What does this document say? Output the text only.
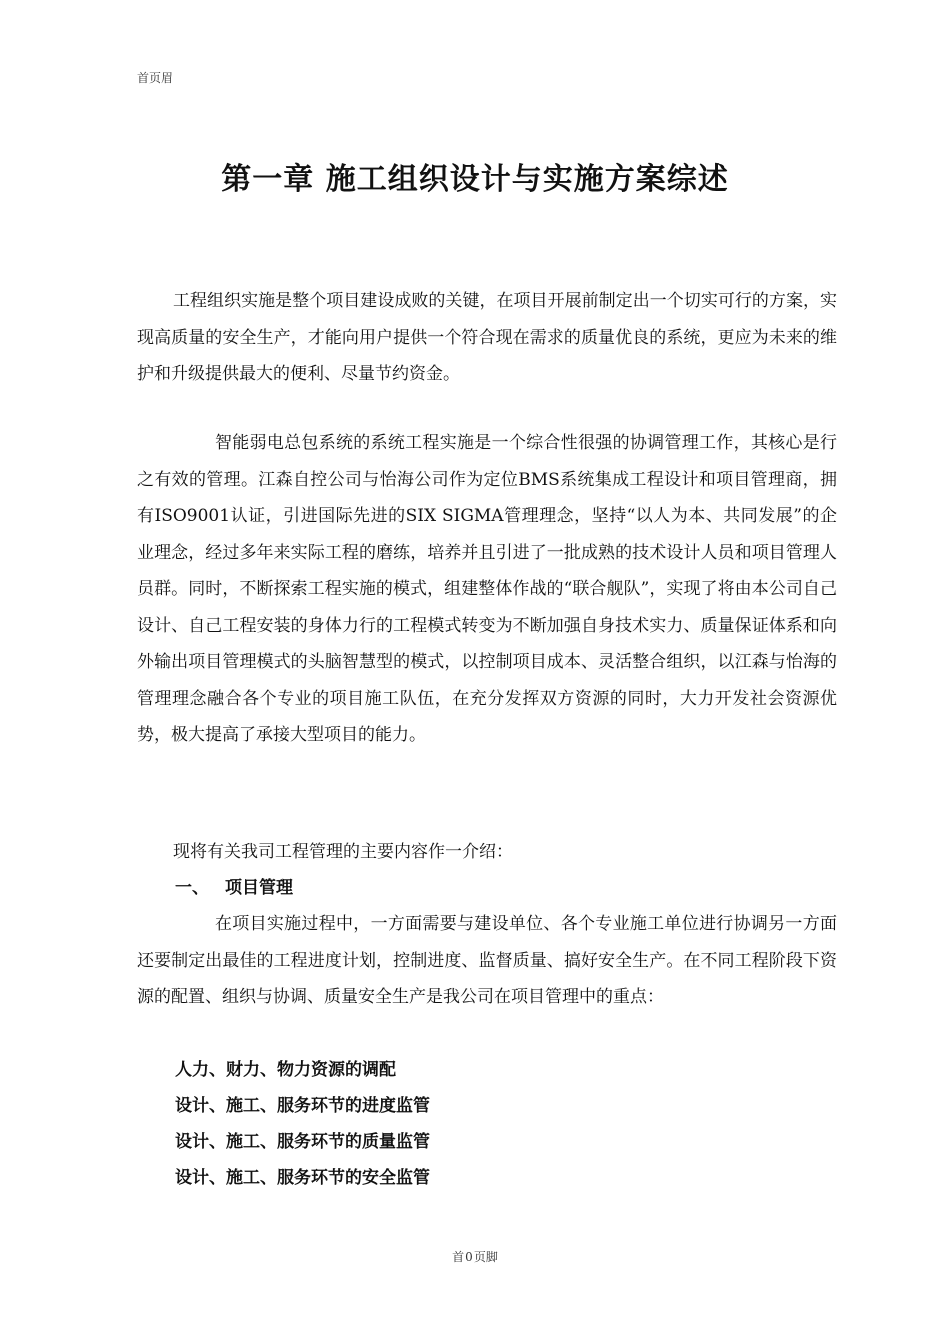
首页眉
第一章 施工组织设计与实施方案综述

工程组织实施是整个项目建设成败的关键，在项目开展前制定出一个切实可行的方案，实现高质量的安全生产，才能向用户提供一个符合现在需求的质量优良的系统，更应为未来的维护和升级提供最大的便利、尽量节约资金。

智能弱电总包系统的系统工程实施是一个综合性很强的协调管理工作，其核心是行之有效的管理。江森自控公司与怡海公司作为定位BMS系统集成工程设计和项目管理商，拥有ISO9001认证，引进国际先进的SIX SIGMA管理理念，坚持“以人为本、共同发展”的企业理念，经过多年来实际工程的磨练，培养并且引进了一批成熟的技术设计人员和项目管理人员群。同时，不断探索工程实施的模式，组建整体作战的“联合舰队”，实现了将由本公司自己设计、自己工程安装的身体力行的工程模式转变为不断加强自身技术实力、质量保证体系和向外输出项目管理模式的头脑智慧型的模式，以控制项目成本、灵活整合组织，以江森与怡海的管理理念融合各个专业的项目施工队伍，在充分发挥双方资源的同时，大力开发社会资源优势，极大提高了承接大型项目的能力。

现将有关我司工程管理的主要内容作一介绍：

一、 项目管理

在项目实施过程中，一方面需要与建设单位、各个专业施工单位进行协调另一方面还要制定出最佳的工程进度计划，控制进度、监督质量、搞好安全生产。在不同工程阶段下资源的配置、组织与协调、质量安全生产是我公司在项目管理中的重点：

人力、财力、物力资源的调配
设计、施工、服务环节的进度监管
设计、施工、服务环节的质量监管
设计、施工、服务环节的安全监管
首0页脚
